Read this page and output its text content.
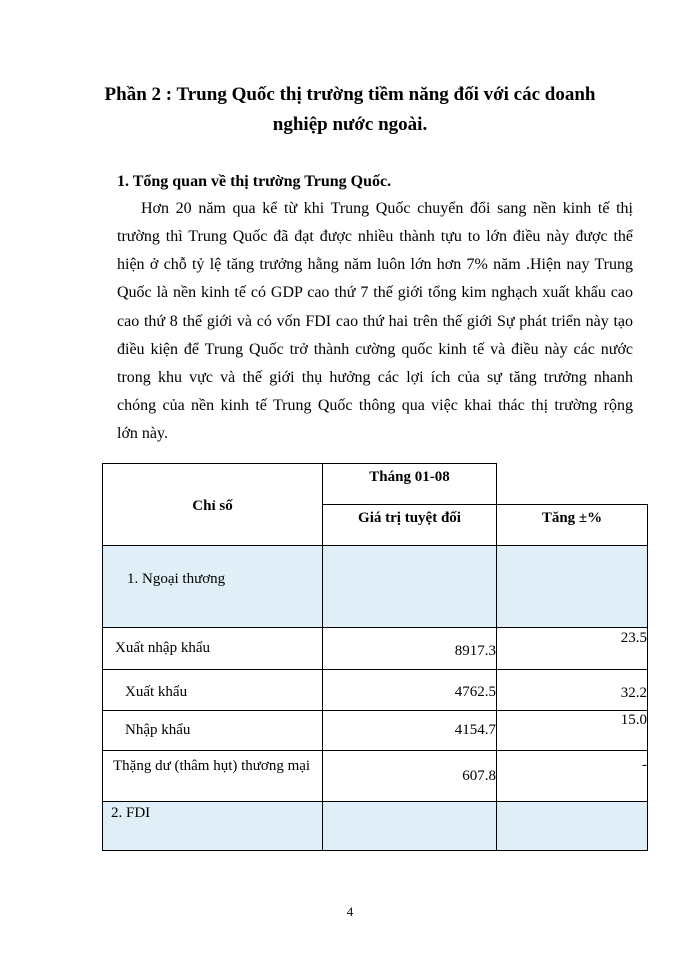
Phần 2 : Trung Quốc thị trường tiềm năng đối với các doanh
nghiệp nước ngoài.
1. Tổng quan về thị trường Trung Quốc.
Hơn 20 năm qua kể từ khi Trung Quốc chuyển đổi sang nền kinh tế thị
trường thì Trung Quốc đã đạt được nhiều thành tựu to lớn điều này được thể
hiện ở chỗ tỷ lệ tăng trưởng hằng năm luôn lớn hơn 7% năm .Hiện nay Trung
Quốc là nền kinh tế có GDP cao thứ 7 thế giới tổng kim nghạch xuất khẩu cao
cao thứ 8 thế giới và có vốn FDI cao thứ hai trên thế giới Sự phát triển này tạo
điều kiện để Trung Quốc trở thành cường quốc kinh tế và điều này các nước
trong khu vực và thế giới thụ hưởng các lợi ích của sự tăng trưởng nhanh
chóng của nền kinh tế Trung Quốc thông qua việc khai thác thị trường rộng
lớn này.
Chỉ số	Tháng 01-08	

	Giá trị tuyệt đối	Tăng ±%

1. Ngoại thương		

Xuất nhập khẩu	8917.3	23.5

Xuất khẩu	4762.5	32.2

Nhập khẩu	4154.7	15.0

Thặng dư (thâm hụt) thương mại	607.8	-

2. FDI		

4
